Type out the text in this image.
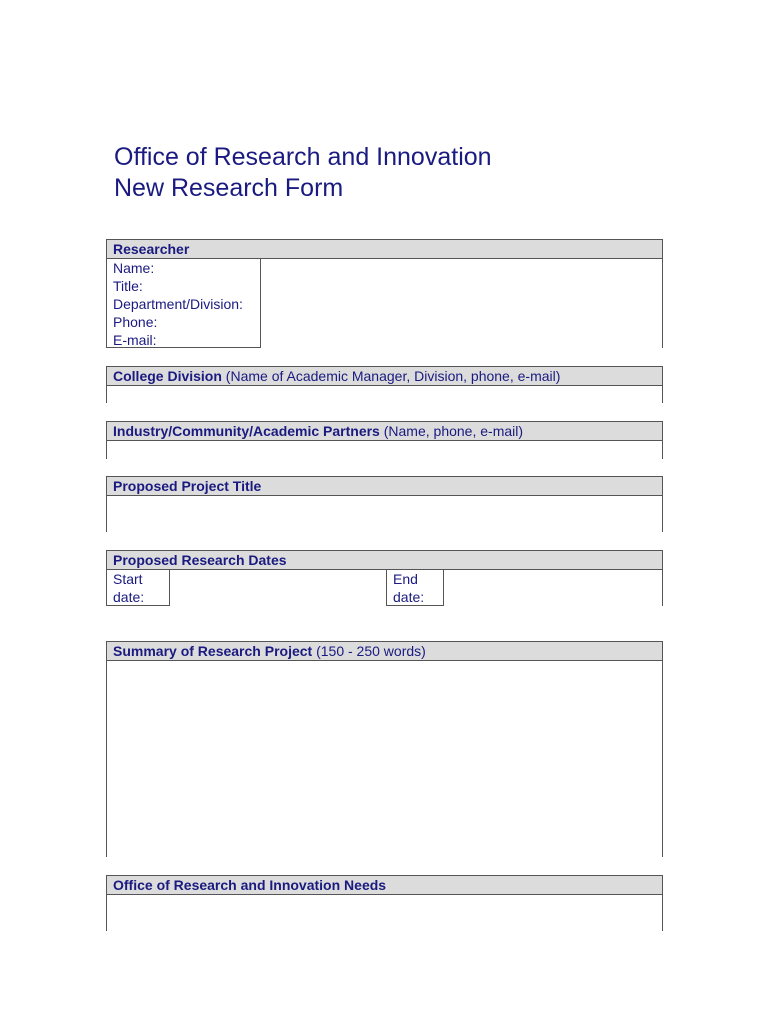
Office of Research and Innovation
New Research Form
Researcher
Name:
Title:
Department/Division:
Phone:
E-mail:
College Division (Name of Academic Manager, Division, phone, e-mail)
Industry/Community/Academic Partners (Name, phone, e-mail)
Proposed Project Title
Proposed Research Dates
Start
date:
End
date:
Summary of Research Project (150 - 250 words)
Office of Research and Innovation Needs
